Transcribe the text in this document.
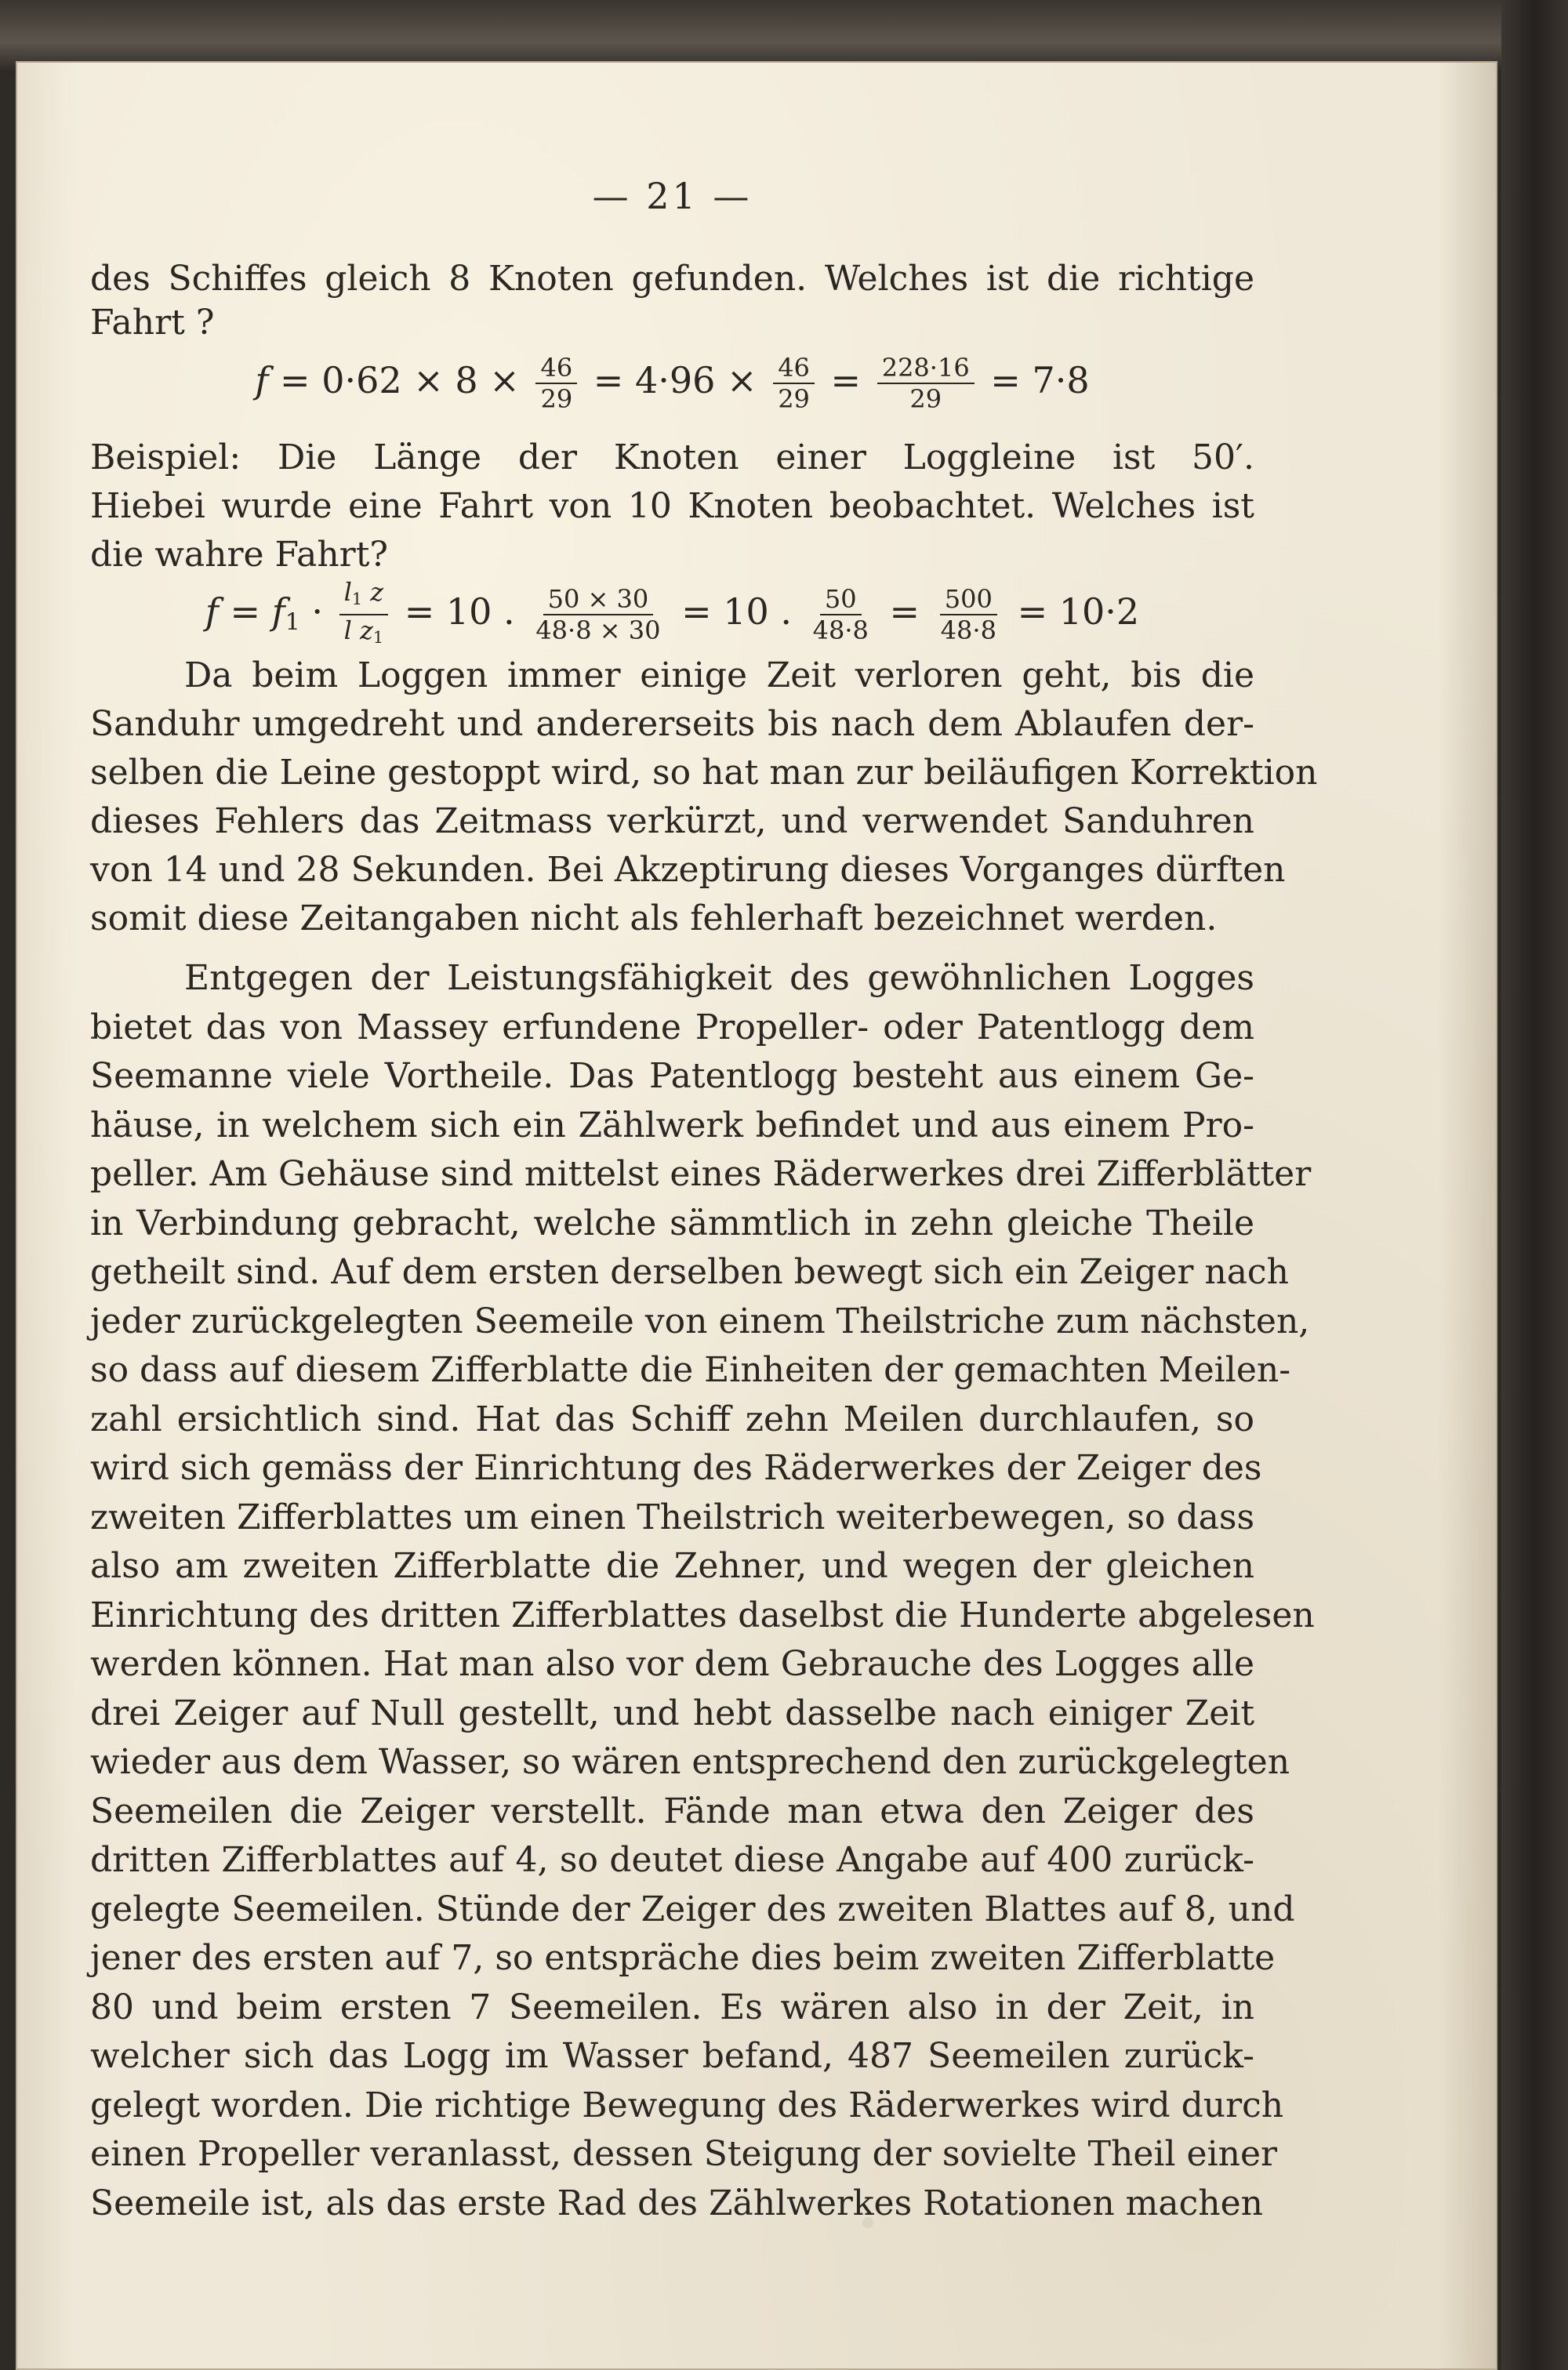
— 21 —
des Schiffes gleich 8 Knoten gefunden. Welches ist die richtige
Fahrt ?
$f = 0\cdot 62 \times 8 \times \frac{46}{29} = 4\cdot 96 \times \frac{46}{29} = \frac{228\cdot 16}{29} = 7\cdot 8$
Beispiel: Die Länge der Knoten einer Loggleine ist 50′.
Hiebei wurde eine Fahrt von 10 Knoten beobachtet. Welches ist
die wahre Fahrt?
$f = f_1 \cdot \frac{l_1 z}{l z_1} = 10$ . $\frac{50 \times 30}{48\cdot 8 \times 30} = 10$ . $\frac{50}{48\cdot 8} = \frac{500}{48\cdot 8} = 10\cdot 2$
Da beim Loggen immer einige Zeit verloren geht, bis die
Sanduhr umgedreht und andererseits bis nach dem Ablaufen der-
selben die Leine gestoppt wird, so hat man zur beiläufigen Korrektion
dieses Fehlers das Zeitmass verkürzt, und verwendet Sanduhren
von 14 und 28 Sekunden. Bei Akzeptirung dieses Vorganges dürften
somit diese Zeitangaben nicht als fehlerhaft bezeichnet werden.
Entgegen der Leistungsfähigkeit des gewöhnlichen Logges
bietet das von Massey erfundene Propeller- oder Patentlogg dem
Seemanne viele Vortheile. Das Patentlogg besteht aus einem Ge-
häuse, in welchem sich ein Zählwerk befindet und aus einem Pro-
peller. Am Gehäuse sind mittelst eines Räderwerkes drei Zifferblätter
in Verbindung gebracht, welche sämmtlich in zehn gleiche Theile
getheilt sind. Auf dem ersten derselben bewegt sich ein Zeiger nach
jeder zurückgelegten Seemeile von einem Theilstriche zum nächsten,
so dass auf diesem Zifferblatte die Einheiten der gemachten Meilen-
zahl ersichtlich sind. Hat das Schiff zehn Meilen durchlaufen, so
wird sich gemäss der Einrichtung des Räderwerkes der Zeiger des
zweiten Zifferblattes um einen Theilstrich weiterbewegen, so dass
also am zweiten Zifferblatte die Zehner, und wegen der gleichen
Einrichtung des dritten Zifferblattes daselbst die Hunderte abgelesen
werden können. Hat man also vor dem Gebrauche des Logges alle
drei Zeiger auf Null gestellt, und hebt dasselbe nach einiger Zeit
wieder aus dem Wasser, so wären entsprechend den zurückgelegten
Seemeilen die Zeiger verstellt. Fände man etwa den Zeiger des
dritten Zifferblattes auf 4, so deutet diese Angabe auf 400 zurück-
gelegte Seemeilen. Stünde der Zeiger des zweiten Blattes auf 8, und
jener des ersten auf 7, so entspräche dies beim zweiten Zifferblatte
80 und beim ersten 7 Seemeilen. Es wären also in der Zeit, in
welcher sich das Logg im Wasser befand, 487 Seemeilen zurück-
gelegt worden. Die richtige Bewegung des Räderwerkes wird durch
einen Propeller veranlasst, dessen Steigung der sovielte Theil einer
Seemeile ist, als das erste Rad des Zählwerkes Rotationen machen
